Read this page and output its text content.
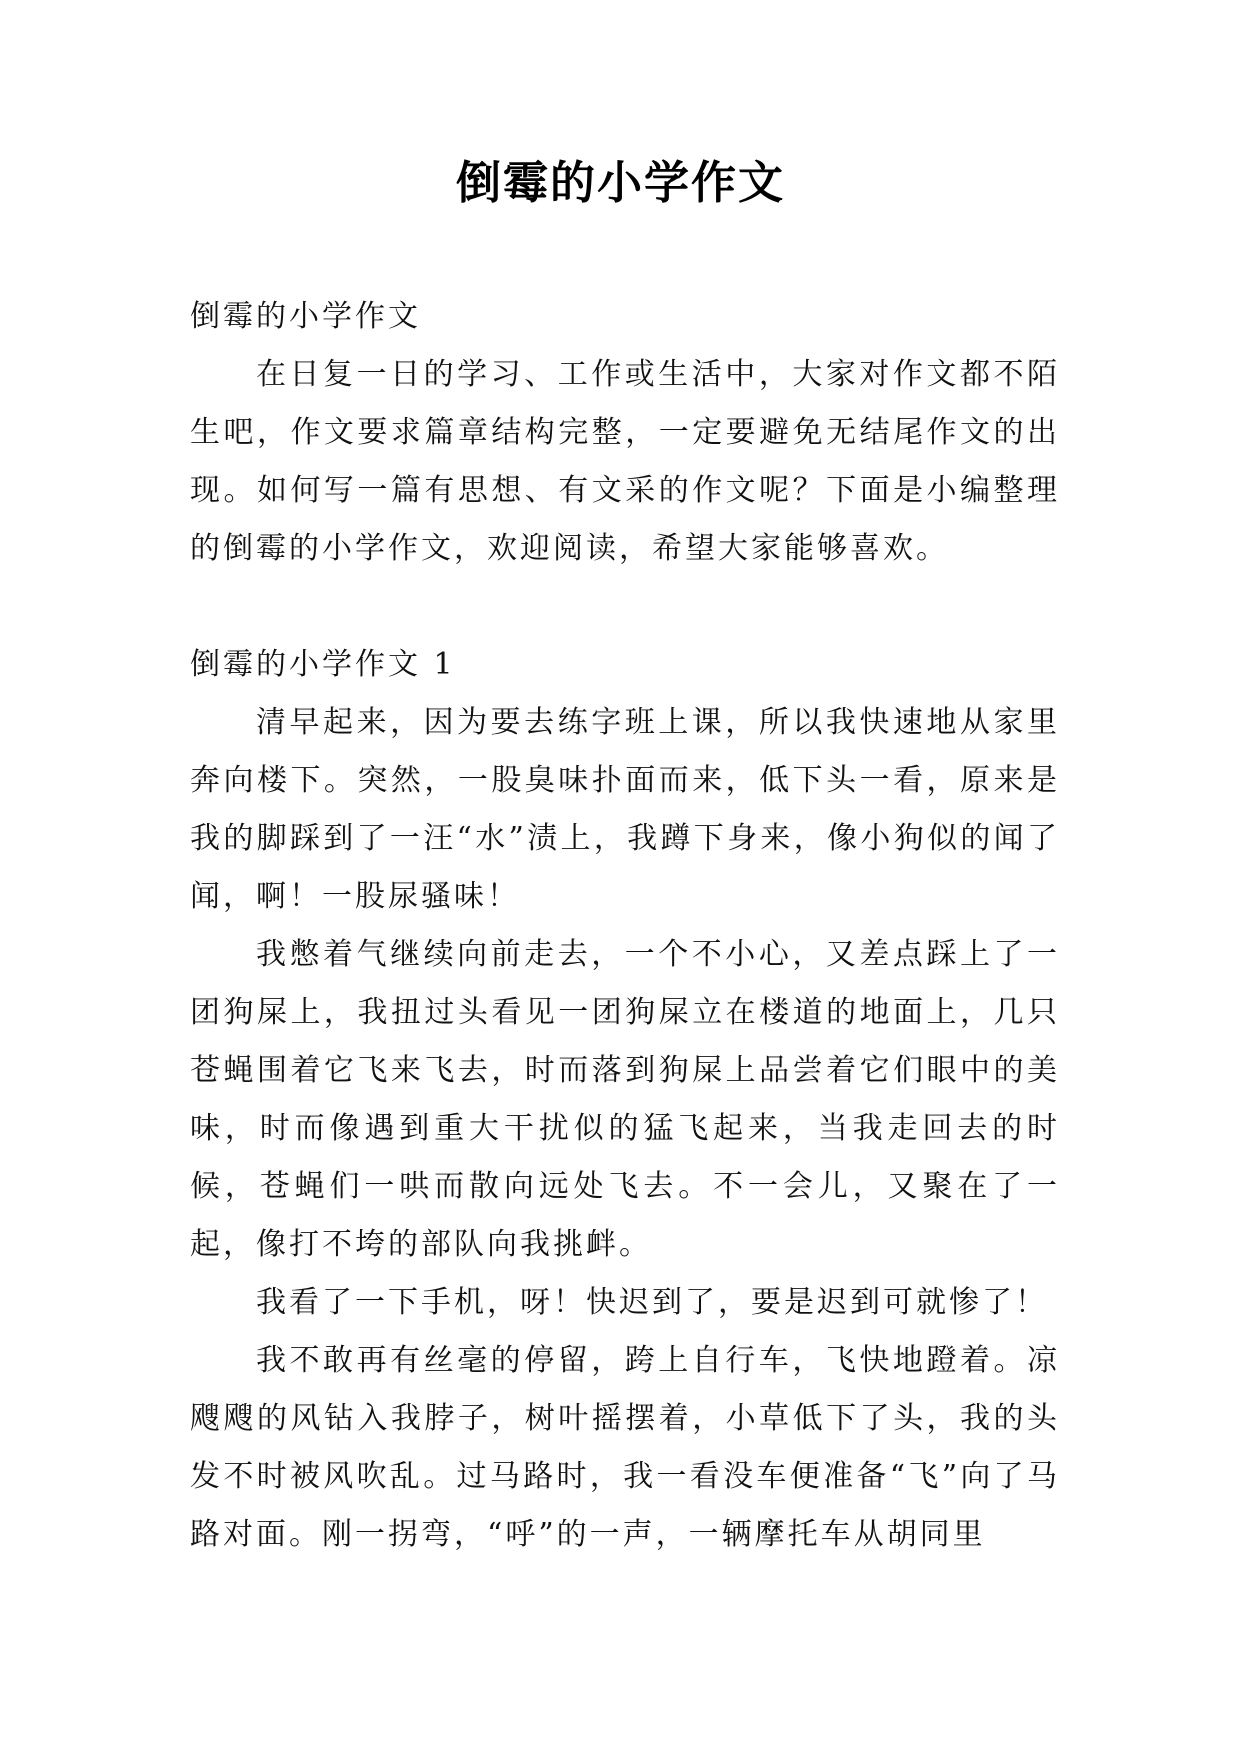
倒霉的小学作文

倒霉的小学作文

在日复一日的学习、工作或生活中，大家对作文都不陌生吧，作文要求篇章结构完整，一定要避免无结尾作文的出现。如何写一篇有思想、有文采的作文呢？下面是小编整理的倒霉的小学作文，欢迎阅读，希望大家能够喜欢。

倒霉的小学作文 1

清早起来，因为要去练字班上课，所以我快速地从家里奔向楼下。突然，一股臭味扑面而来，低下头一看，原来是我的脚踩到了一汪“水”渍上，我蹲下身来，像小狗似的闻了闻，啊！一股尿骚味！

我憋着气继续向前走去，一个不小心，又差点踩上了一团狗屎上，我扭过头看见一团狗屎立在楼道的地面上，几只苍蝇围着它飞来飞去，时而落到狗屎上品尝着它们眼中的美味，时而像遇到重大干扰似的猛飞起来，当我走回去的时候，苍蝇们一哄而散向远处飞去。不一会儿，又聚在了一起，像打不垮的部队向我挑衅。

我看了一下手机，呀！快迟到了，要是迟到可就惨了！

我不敢再有丝毫的停留，跨上自行车，飞快地蹬着。凉飕飕的风钻入我脖子，树叶摇摆着，小草低下了头，我的头发不时被风吹乱。过马路时，我一看没车便准备“飞”向了马路对面。刚一拐弯，“呼”的一声，一辆摩托车从胡同里
